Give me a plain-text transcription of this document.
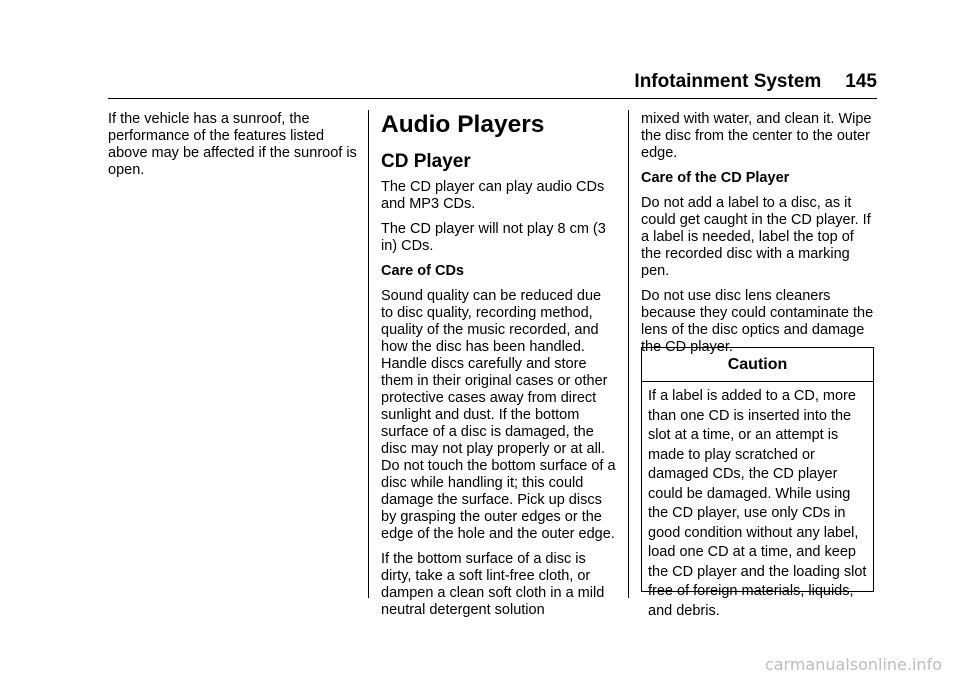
Infotainment System 145

If the vehicle has a sunroof, the performance of the features listed above may be affected if the sunroof is open.

Audio Players
CD Player

The CD player can play audio CDs and MP3 CDs.

The CD player will not play 8 cm (3 in) CDs.

Care of CDs

Sound quality can be reduced due to disc quality, recording method, quality of the music recorded, and how the disc has been handled. Handle discs carefully and store them in their original cases or other protective cases away from direct sunlight and dust. If the bottom surface of a disc is damaged, the disc may not play properly or at all. Do not touch the bottom surface of a disc while handling it; this could damage the surface. Pick up discs by grasping the outer edges or the edge of the hole and the outer edge.

If the bottom surface of a disc is dirty, take a soft lint-free cloth, or dampen a clean soft cloth in a mild neutral detergent solution

mixed with water, and clean it. Wipe the disc from the center to the outer edge.

Care of the CD Player

Do not add a label to a disc, as it could get caught in the CD player. If a label is needed, label the top of the recorded disc with a marking pen.

Do not use disc lens cleaners because they could contaminate the lens of the disc optics and damage the CD player.

Caution
If a label is added to a CD, more than one CD is inserted into the slot at a time, or an attempt is made to play scratched or damaged CDs, the CD player could be damaged. While using the CD player, use only CDs in good condition without any label, load one CD at a time, and keep the CD player and the loading slot free of foreign materials, liquids, and debris.
carmanualsonline.info
